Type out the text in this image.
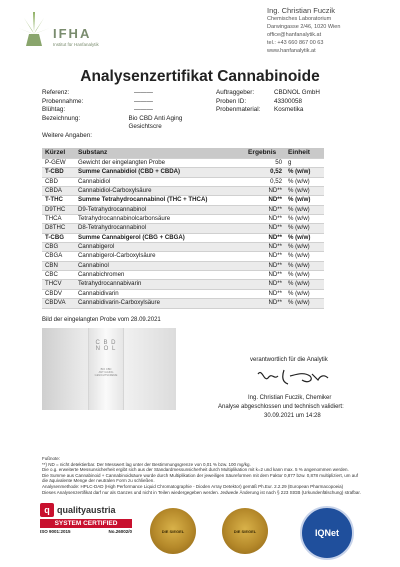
IFHA
Institut für Hanfanalytik
Ing. Christian Fuczik
Chemisches Laboratorium
Darwingasse 2/46, 1020 Wien
office@hanfanalytik.at
tel.: +43 660 867 00 63
www.hanfanalytik.at
Analysenzertifikat Cannabinoide
Referenz:	———
Probennahme:	———
Blühtag:	———
Bezeichnung:	Bio CBD Anti Aging Gesichtscre
Weitere Angaben:
Auftraggeber:	CBDNOL GmbH
Proben ID:	43300058
Probenmaterial:	Kosmetika
Kürzel	Substanz	Ergebnis	Einheit
P-GEW	Gewicht der eingelangten Probe	50	g
T-CBD	Summe Cannabidiol (CBD + CBDA)	0,52	% (w/w)
CBD	Cannabidiol	0,52	% (w/w)
CBDA	Cannabidiol-Carboxylsäure	ND**	% (w/w)
T-THC	Summe Tetrahydrocannabinol (THC + THCA)	ND**	% (w/w)
D9THC	D9-Tetrahydrocannabinol	ND**	% (w/w)
THCA	Tetrahydrocannabinolcarbonsäure	ND**	% (w/w)
D8THC	D8-Tetrahydrocannabinol	ND**	% (w/w)
T-CBG	Summe Cannabigerol (CBG + CBGA)	ND**	% (w/w)
CBG	Cannabigerol	ND**	% (w/w)
CBGA	Cannabigerol-Carboxylsäure	ND**	% (w/w)
CBN	Cannabinol	ND**	% (w/w)
CBC	Cannabichromen	ND**	% (w/w)
THCV	Tetrahydrocannabivarin	ND**	% (w/w)
CBDV	Cannabidivarin	ND**	% (w/w)
CBDVA	Cannabidivarin-Carboxylsäure	ND**	% (w/w)
Bild der eingelangten Probe vom 28.09.2021
C B D
N O L
BIO CBD
ANTI AGING
GESICHTSCREME
verantwortlich für die Analytik
Ing. Christian Fuczik, Chemiker
Analyse abgeschlossen und technisch validiert:
30.09.2021 um 14:28
Fußnote:
**) ND = nicht detektierbar. Der Messwert lag unter der Bestimmungsgrenze von 0,01 % bzw. 100 mg/kg.
Die o.g. erweiterte Messunsicherheit ergibt sich aus der Standardmessunsicherheit durch Multiplikation mit k=2 und kann max. 5 % angenommen werden.
Die Summe aus Cannabinoid + Cannabinoidsäure wurde durch Multiplikation der jeweiligen Säureformen mit dem Faktor 0,877 bzw. 0,878 multipliziert, um auf die äquivalente Menge der neutralen Form zu schließen.
Analysenmethode: HPLC-DAD (High Performance Liquid Chromatographie - Dioden Array Detektor) gemäß Ph.Eur. 2.2.29 (European Pharmacopoeia)
Dieses Analysenzertifikat darf nur als Ganzes und nicht in Teilen wiedergegeben werden. Jedwede Änderung ist nach § 223 StGB (Urkundenfälschung) strafbar.
q qualityaustria
SYSTEM CERTIFIED
ISO 9001:2015	No.26002/0	DIE SIEGEL	DIE SIEGEL	IQNet
